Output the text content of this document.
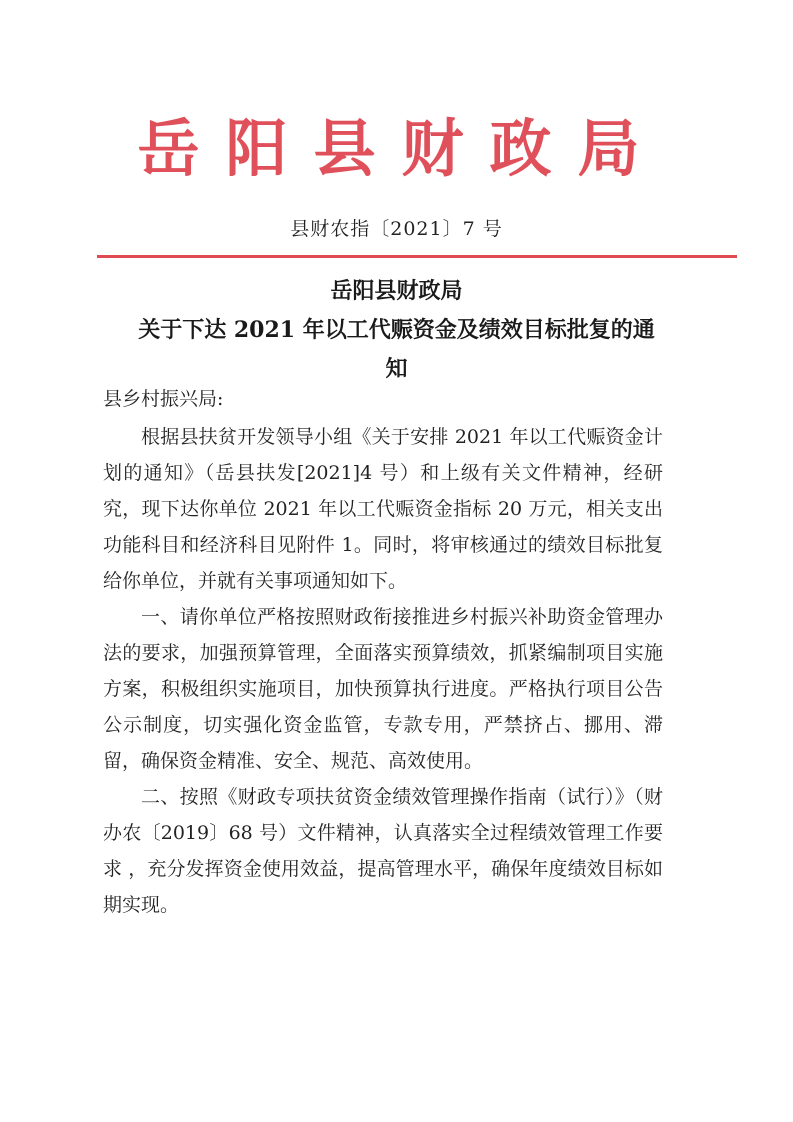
岳阳县财政局
县财农指〔2021〕7 号
岳阳县财政局
关于下达 2021 年以工代赈资金及绩效目标批复的通
知
县乡村振兴局:

根据县扶贫开发领导小组《关于安排 2021 年以工代赈资金计划的通知》（岳县扶发[2021]4 号）和上级有关文件精神，经研究，现下达你单位 2021 年以工代赈资金指标 20 万元，相关支出功能科目和经济科目见附件 1。同时，将审核通过的绩效目标批复给你单位，并就有关事项通知如下。

一、请你单位严格按照财政衔接推进乡村振兴补助资金管理办法的要求，加强预算管理，全面落实预算绩效，抓紧编制项目实施方案，积极组织实施项目，加快预算执行进度。严格执行项目公告公示制度，切实强化资金监管，专款专用，严禁挤占、挪用、滞留，确保资金精准、安全、规范、高效使用。

二、按照《财政专项扶贫资金绩效管理操作指南（试行）》（财办农〔2019〕68 号）文件精神，认真落实全过程绩效管理工作要求 ，充分发挥资金使用效益，提高管理水平，确保年度绩效目标如期实现。
